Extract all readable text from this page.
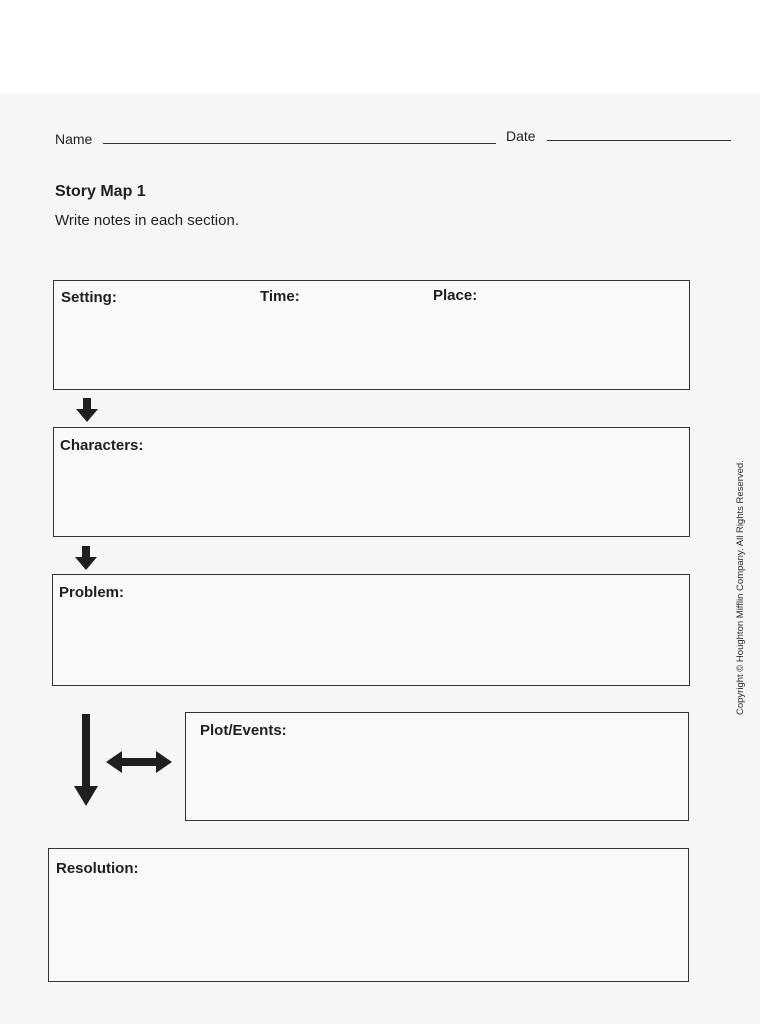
Name	Date
Story Map 1
Write notes in each section.
Setting:	Time:	Place:
Characters:
Problem:
Plot/Events:
Resolution:
Copyright © Houghton Mifflin Company. All Rights Reserved.
